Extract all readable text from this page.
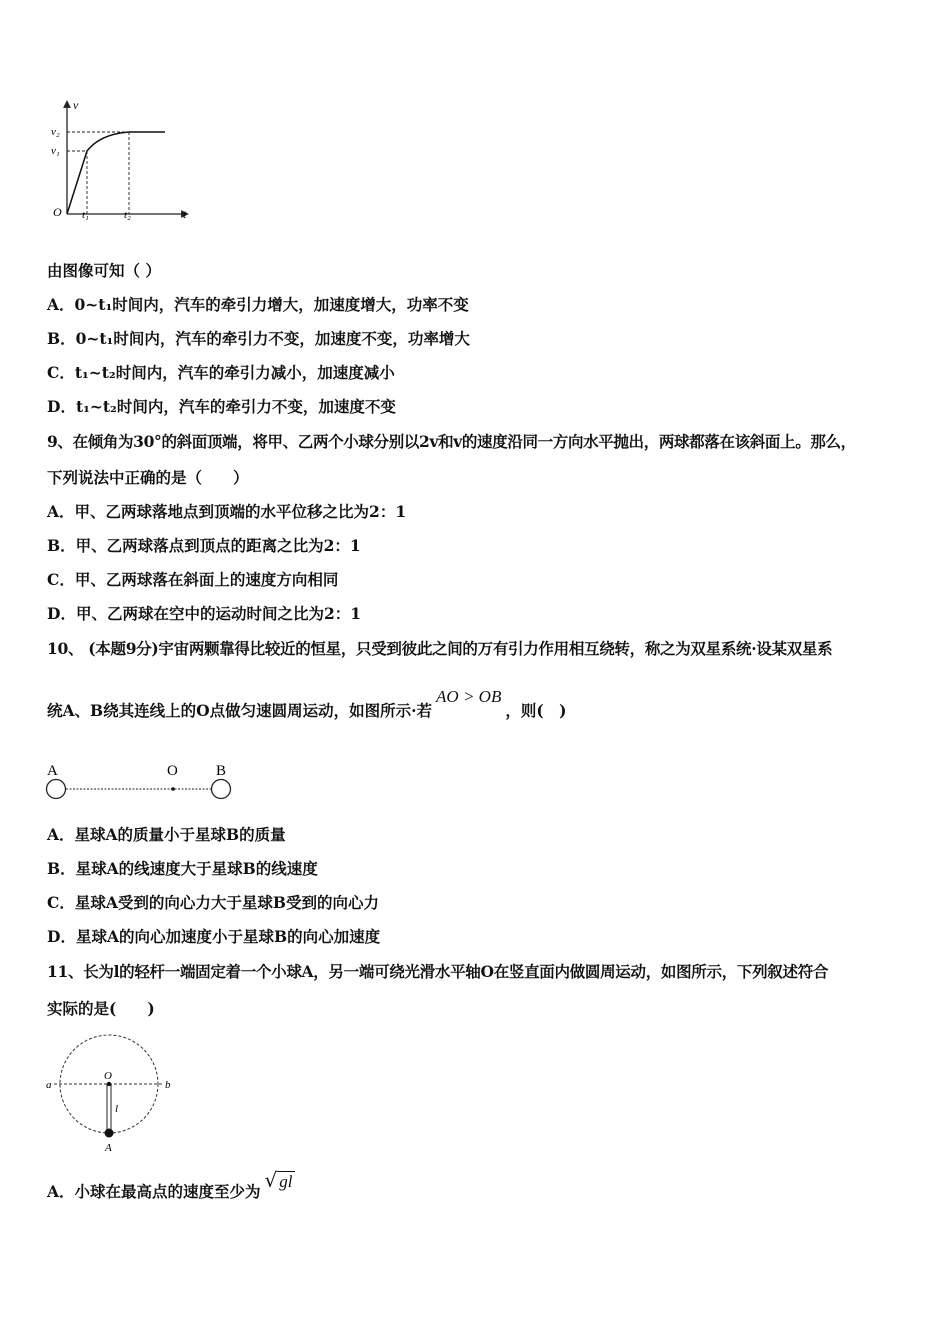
v
t
O
v₂
v₁
t₁	t₂
由图像可知（ ）
A．0~t₁时间内，汽车的牵引力增大，加速度增大，功率不变
B．0~t₁时间内，汽车的牵引力不变，加速度不变，功率增大
C．t₁~t₂时间内，汽车的牵引力减小，加速度减小
D．t₁~t₂时间内，汽车的牵引力不变，加速度不变
9、在倾角为30°的斜面顶端，将甲、乙两个小球分别以2v和v的速度沿同一方向水平抛出，两球都落在该斜面上。那么，
下列说法中正确的是（　　）
A．甲、乙两球落地点到顶端的水平位移之比为2：1
B．甲、乙两球落点到顶点的距离之比为2：1
C．甲、乙两球落在斜面上的速度方向相同
D．甲、乙两球在空中的运动时间之比为2：1
10、 (本题9分)宇宙两颗靠得比较近的恒星，只受到彼此之间的万有引力作用相互绕转，称之为双星系统·设某双星系
统A、B绕其连线上的O点做匀速圆周运动，如图所示·若AO > OB，则(　)
A	O	B
A．星球A的质量小于星球B的质量
B．星球A的线速度大于星球B的线速度
C．星球A受到的向心力大于星球B受到的向心力
D．星球A的向心加速度小于星球B的向心加速度
11、长为l的轻杆一端固定着一个小球A，另一端可绕光滑水平轴O在竖直面内做圆周运动，如图所示，下列叙述符合
实际的是(　　)
a	b
O
l
A
A．小球在最高点的速度至少为 √ gl
